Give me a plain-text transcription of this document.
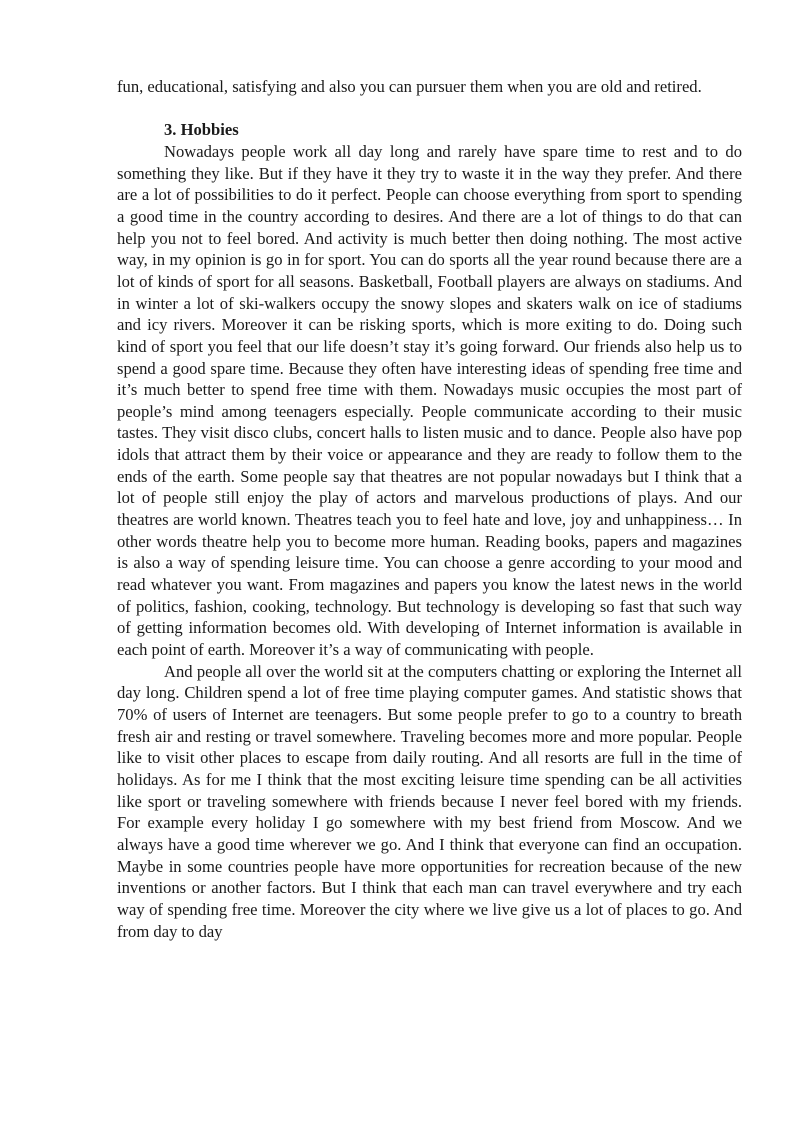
fun, educational, satisfying and also you can pursuer them when you are old and retired.

3. Hobbies

Nowadays people work all day long and rarely have spare time to rest and to do something they like. But if they have it they try to waste it in the way they prefer. And there are a lot of possibilities to do it perfect. People can choose everything from sport to spending a good time in the country according to desires. And there are a lot of things to do that can help you not to feel bored. And activity is much better then doing nothing. The most active way, in my opinion is go in for sport. You can do sports all the year round because there are a lot of kinds of sport for all seasons. Basketball, Football players are always on stadiums. And in winter a lot of ski-walkers occupy the snowy slopes and skaters walk on ice of stadiums and icy rivers. Moreover it can be risking sports, which is more exiting to do. Doing such kind of sport you feel that our life doesn’t stay it’s going forward. Our friends also help us to spend a good spare time. Because they often have interesting ideas of spending free time and it’s much better to spend free time with them. Nowadays music occupies the most part of people’s mind among teenagers especially. People communicate according to their music tastes. They visit disco clubs, concert halls to listen music and to dance. People also have pop idols that attract them by their voice or appearance and they are ready to follow them to the ends of the earth. Some people say that theatres are not popular nowadays but I think that a lot of people still enjoy the play of actors and marvelous productions of plays. And our theatres are world known. Theatres teach you to feel hate and love, joy and unhappiness… In other words theatre help you to become more human. Reading books, papers and magazines is also a way of spending leisure time. You can choose a genre according to your mood and read whatever you want. From magazines and papers you know the latest news in the world of politics, fashion, cooking, technology. But technology is developing so fast that such way of getting information becomes old. With developing of Internet information is available in each point of earth. Moreover it’s a way of communicating with people.

And people all over the world sit at the computers chatting or exploring the Internet all day long. Children spend a lot of free time playing computer games. And statistic shows that 70% of users of Internet are teenagers. But some people prefer to go to a country to breath fresh air and resting or travel somewhere. Traveling becomes more and more popular. People like to visit other places to escape from daily routing. And all resorts are full in the time of holidays. As for me I think that the most exciting leisure time spending can be all activities like sport or traveling somewhere with friends because I never feel bored with my friends. For example every holiday I go somewhere with my best friend from Moscow. And we always have a good time wherever we go. And I think that everyone can find an occupation. Maybe in some countries people have more opportunities for recreation because of the new inventions or another factors. But I think that each man can travel everywhere and try each way of spending free time. Moreover the city where we live give us a lot of places to go. And from day to day
